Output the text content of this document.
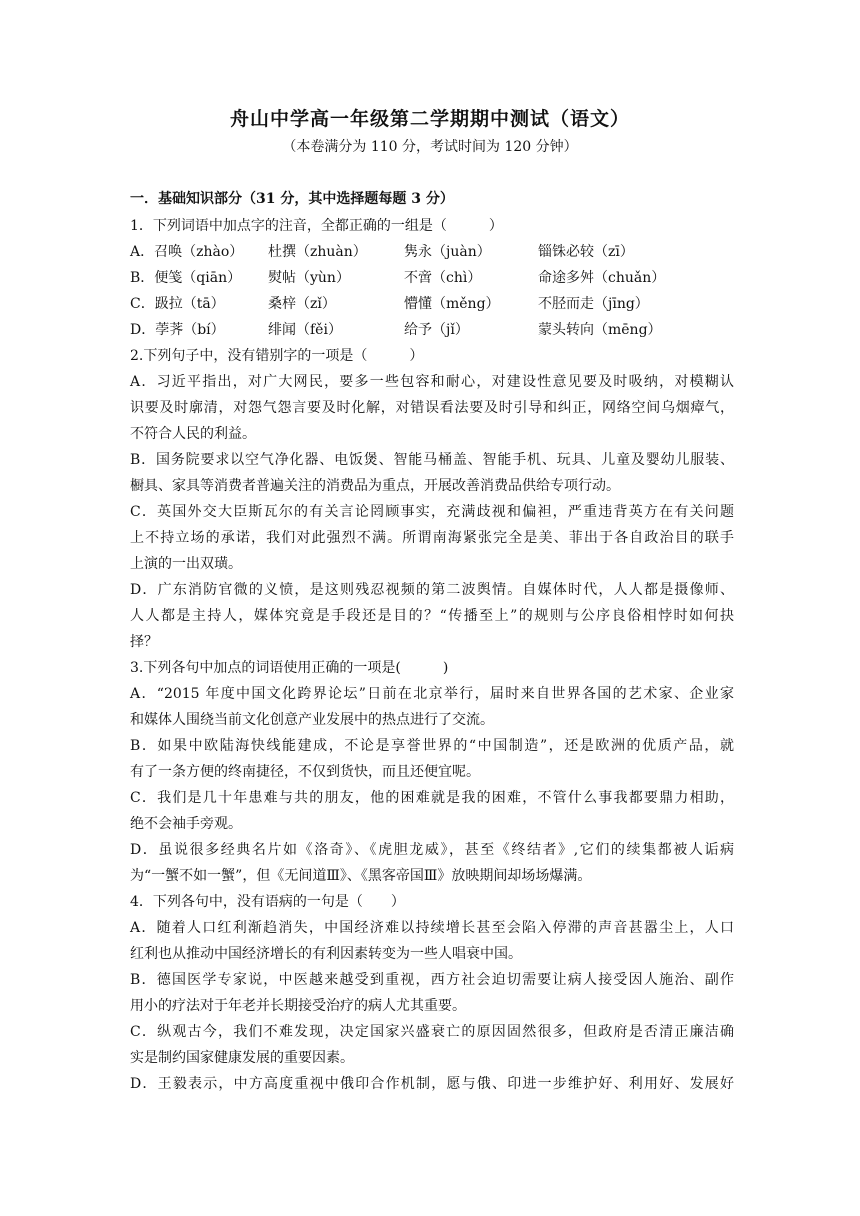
舟山中学高一年级第二学期期中测试（语文）
（本卷满分为 110 分，考试时间为 120 分钟）
一．基础知识部分（31 分，其中选择题每题 3 分）
1．下列词语中加点字的注音，全都正确的一组是（　　　）
A．召唤（zhào）	杜撰（zhuàn）	隽永（juàn）	锱铢必较（zī）
B．便笺（qiān）	熨帖（yùn）	不啻（chì）	命途多舛（chuǎn）
C．趿拉（tā）	桑梓（zǐ）	懵懂（měng）	不胫而走（jīng）
D．荸荠（bí）	绯闻（fěi）	给予（jǐ）	蒙头转向（mēng）
2.下列句子中，没有错别字的一项是（　　　）
A．习近平指出，对广大网民，要多一些包容和耐心，对建设性意见要及时吸纳，对模糊认
识要及时廓清，对怨气怨言要及时化解，对错误看法要及时引导和纠正，网络空间乌烟瘴气，
不符合人民的利益。
B．国务院要求以空气净化器、电饭煲、智能马桶盖、智能手机、玩具、儿童及婴幼儿服装、
橱具、家具等消费者普遍关注的消费品为重点，开展改善消费品供给专项行动。
C．英国外交大臣斯瓦尔的有关言论罔顾事实，充满歧视和偏袒，严重违背英方在有关问题
上不持立场的承诺，我们对此强烈不满。所谓南海紧张完全是美、菲出于各自政治目的联手
上演的一出双璜。
D．广东消防官微的义愤，是这则残忍视频的第二波舆情。自媒体时代，人人都是摄像师、
人人都是主持人，媒体究竟是手段还是目的？“传播至上”的规则与公序良俗相悖时如何抉
择？
3.下列各句中加点的词语使用正确的一项是(　　　)
A．“2015 年度中国文化跨界论坛”日前在北京举行，届时来自世界各国的艺术家、企业家
和媒体人围绕当前文化创意产业发展中的热点进行了交流。
B．如果中欧陆海快线能建成，不论是享誉世界的“中国制造”，还是欧洲的优质产品，就
有了一条方便的终南捷径，不仅到货快，而且还便宜呢。
C．我们是几十年患难与共的朋友，他的困难就是我的困难，不管什么事我都要鼎力相助，
绝不会袖手旁观。
D．虽说很多经典名片如《洛奇》、《虎胆龙威》，甚至《终结者》,它们的续集都被人诟病
为“一蟹不如一蟹”，但《无间道Ⅲ》、《黑客帝国Ⅲ》放映期间却场场爆满。
4．下列各句中，没有语病的一句是（　　）
A．随着人口红利渐趋消失，中国经济难以持续增长甚至会陷入停滞的声音甚嚣尘上，人口
红利也从推动中国经济增长的有利因素转变为一些人唱衰中国。
B．德国医学专家说，中医越来越受到重视，西方社会迫切需要让病人接受因人施治、副作
用小的疗法对于年老并长期接受治疗的病人尤其重要。
C．纵观古今，我们不难发现，决定国家兴盛衰亡的原因固然很多，但政府是否清正廉洁确
实是制约国家健康发展的重要因素。
D．王毅表示，中方高度重视中俄印合作机制，愿与俄、印进一步维护好、利用好、发展好
